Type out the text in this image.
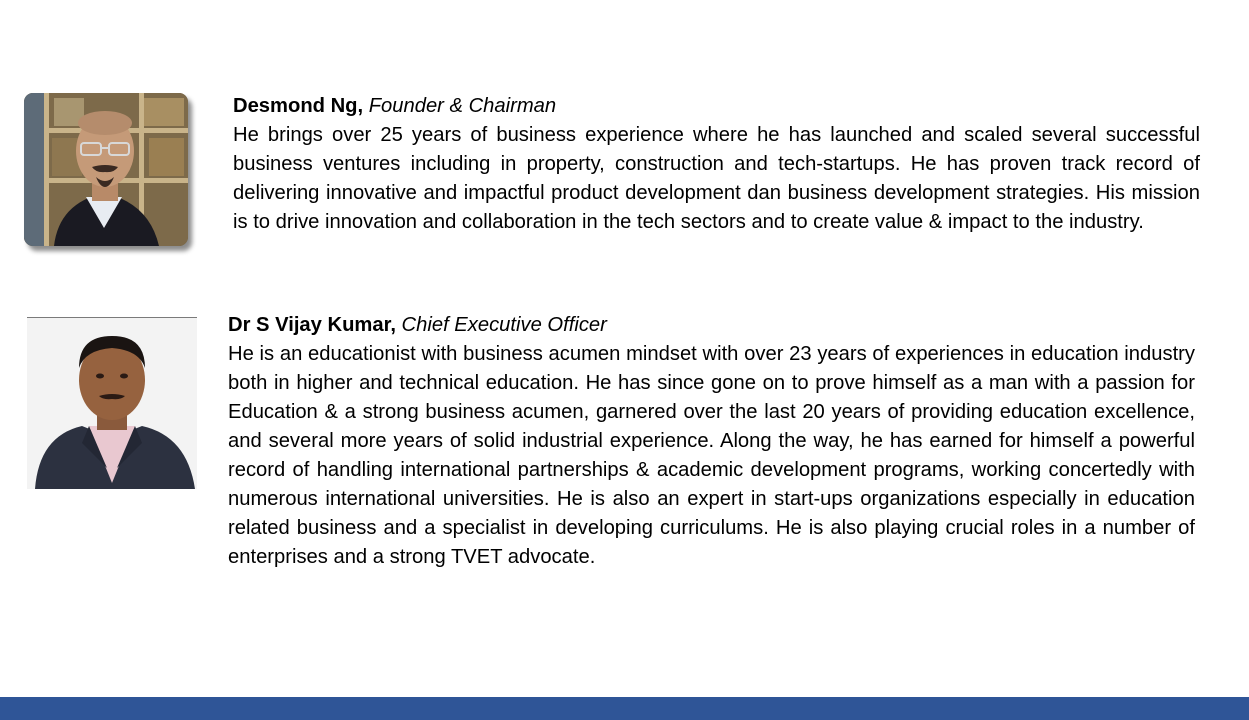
Desmond Ng, Founder & Chairman
He brings over 25 years of business experience where he has launched and scaled several successful business ventures including in property, construction and tech-startups. He has proven track record of delivering innovative and impactful product development dan business development strategies. His mission is to drive innovation and collaboration in the tech sectors and to create value & impact to the industry.
Dr S Vijay Kumar, Chief Executive Officer
He is an educationist with business acumen mindset with over 23 years of experiences in education industry both in higher and technical education. He has since gone on to prove himself as a man with a passion for Education & a strong business acumen, garnered over the last 20 years of providing education excellence, and several more years of solid industrial experience. Along the way, he has earned for himself a powerful record of handling international partnerships & academic development programs, working concertedly with numerous international universities. He is also an expert in start-ups organizations especially in education related business and a specialist in developing curriculums. He is also playing crucial roles in a number of enterprises and a strong TVET advocate.
